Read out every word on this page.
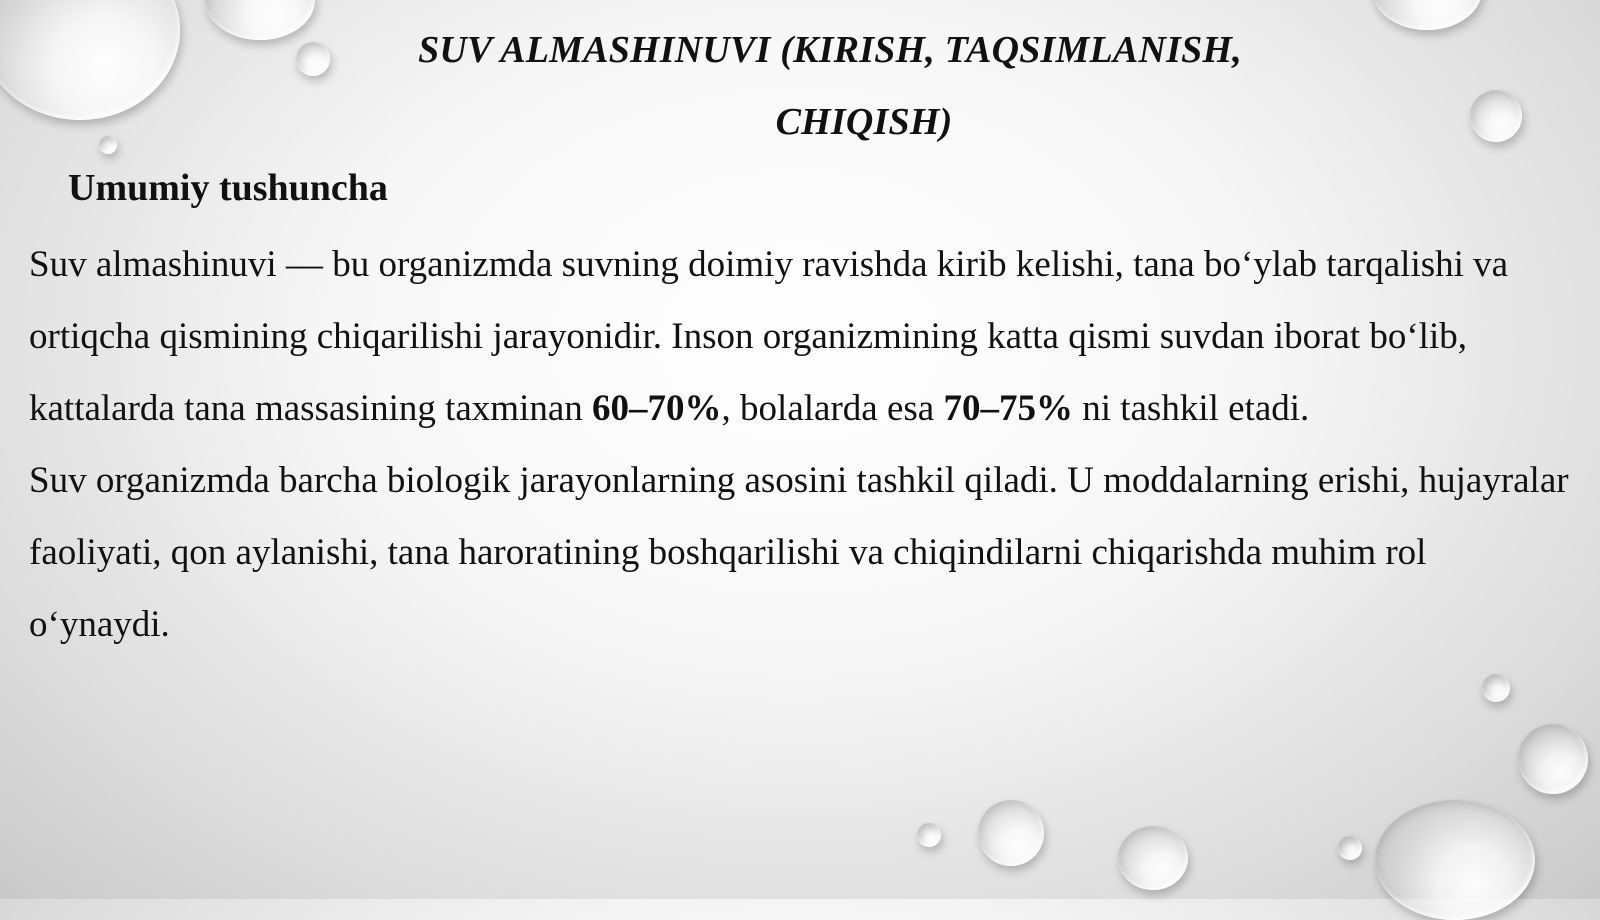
SUV ALMASHINUVI (KIRISH, TAQSIMLANISH,
CHIQISH)
Umumiy tushuncha

Suv almashinuvi — bu organizmda suvning doimiy ravishda kirib kelishi, tana bo‘ylab tarqalishi va ortiqcha qismining chiqarilishi jarayonidir. Inson organizmining katta qismi suvdan iborat bo‘lib, kattalarda tana massasining taxminan 60–70%, bolalarda esa 70–75% ni tashkil etadi.

Suv organizmda barcha biologik jarayonlarning asosini tashkil qiladi. U moddalarning erishi, hujayralar faoliyati, qon aylanishi, tana haroratining boshqarilishi va chiqindilarni chiqarishda muhim rol o‘ynaydi.
